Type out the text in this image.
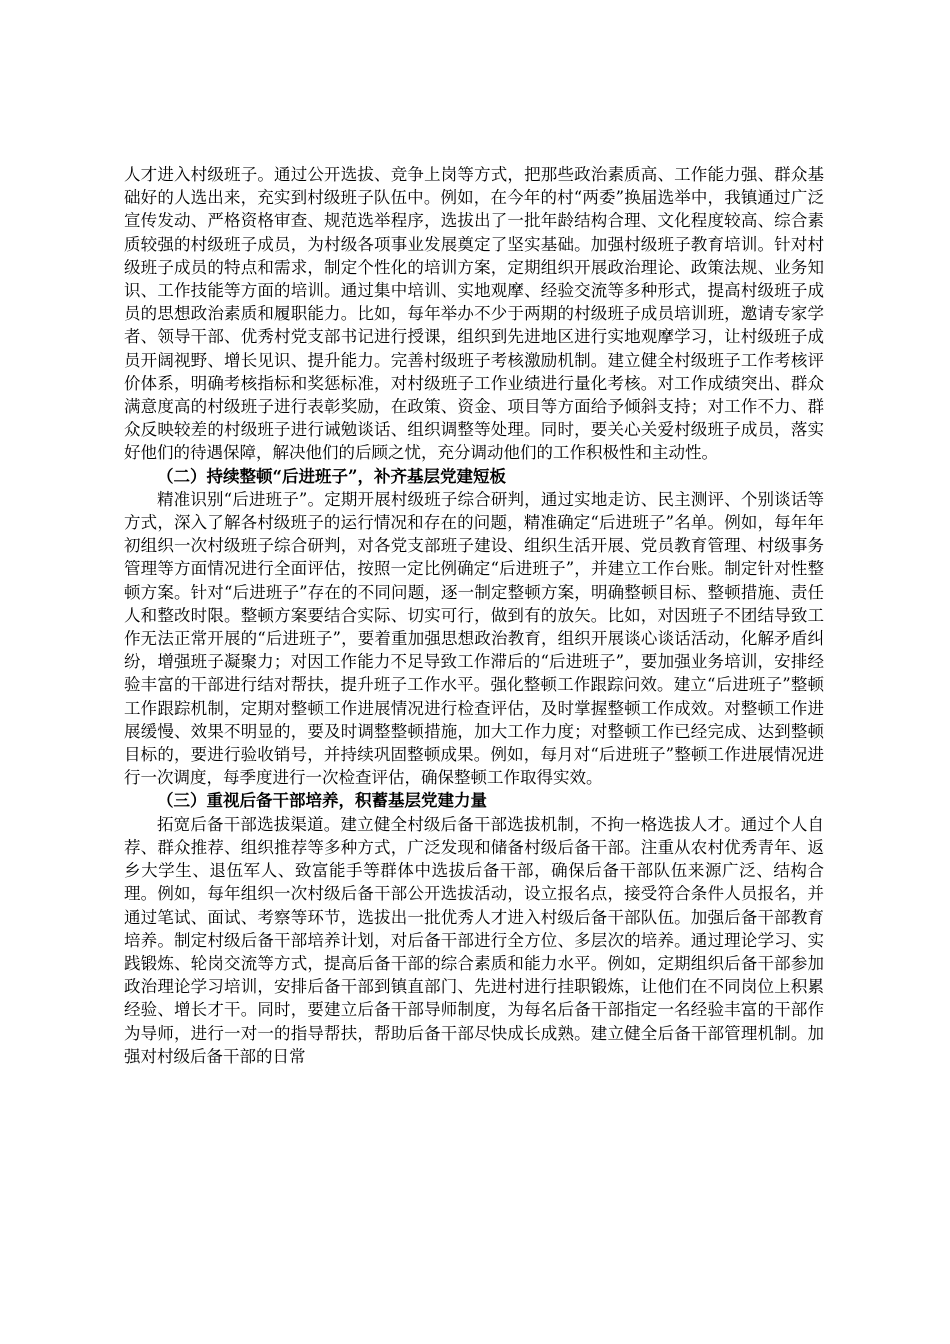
人才进入村级班子。通过公开选拔、竞争上岗等方式，把那些政治素质高、工作能力强、群众基础好的人选出来，充实到村级班子队伍中。例如，在今年的村“两委”换届选举中，我镇通过广泛宣传发动、严格资格审查、规范选举程序，选拔出了一批年龄结构合理、文化程度较高、综合素质较强的村级班子成员，为村级各项事业发展奠定了坚实基础。加强村级班子教育培训。针对村级班子成员的特点和需求，制定个性化的培训方案，定期组织开展政治理论、政策法规、业务知识、工作技能等方面的培训。通过集中培训、实地观摩、经验交流等多种形式，提高村级班子成员的思想政治素质和履职能力。比如，每年举办不少于两期的村级班子成员培训班，邀请专家学者、领导干部、优秀村党支部书记进行授课，组织到先进地区进行实地观摩学习，让村级班子成员开阔视野、增长见识、提升能力。完善村级班子考核激励机制。建立健全村级班子工作考核评价体系，明确考核指标和奖惩标准，对村级班子工作业绩进行量化考核。对工作成绩突出、群众满意度高的村级班子进行表彰奖励，在政策、资金、项目等方面给予倾斜支持；对工作不力、群众反映较差的村级班子进行诫勉谈话、组织调整等处理。同时，要关心关爱村级班子成员，落实好他们的待遇保障，解决他们的后顾之忧，充分调动他们的工作积极性和主动性。

（二）持续整顿“后进班子”，补齐基层党建短板

精准识别“后进班子”。定期开展村级班子综合研判，通过实地走访、民主测评、个别谈话等方式，深入了解各村级班子的运行情况和存在的问题，精准确定“后进班子”名单。例如，每年年初组织一次村级班子综合研判，对各党支部班子建设、组织生活开展、党员教育管理、村级事务管理等方面情况进行全面评估，按照一定比例确定“后进班子”，并建立工作台账。制定针对性整顿方案。针对“后进班子”存在的不同问题，逐一制定整顿方案，明确整顿目标、整顿措施、责任人和整改时限。整顿方案要结合实际、切实可行，做到有的放矢。比如，对因班子不团结导致工作无法正常开展的“后进班子”，要着重加强思想政治教育，组织开展谈心谈话活动，化解矛盾纠纷，增强班子凝聚力；对因工作能力不足导致工作滞后的“后进班子”，要加强业务培训，安排经验丰富的干部进行结对帮扶，提升班子工作水平。强化整顿工作跟踪问效。建立“后进班子”整顿工作跟踪机制，定期对整顿工作进展情况进行检查评估，及时掌握整顿工作成效。对整顿工作进展缓慢、效果不明显的，要及时调整整顿措施，加大工作力度；对整顿工作已经完成、达到整顿目标的，要进行验收销号，并持续巩固整顿成果。例如，每月对“后进班子”整顿工作进展情况进行一次调度，每季度进行一次检查评估，确保整顿工作取得实效。

（三）重视后备干部培养，积蓄基层党建力量

拓宽后备干部选拔渠道。建立健全村级后备干部选拔机制，不拘一格选拔人才。通过个人自荐、群众推荐、组织推荐等多种方式，广泛发现和储备村级后备干部。注重从农村优秀青年、返乡大学生、退伍军人、致富能手等群体中选拔后备干部，确保后备干部队伍来源广泛、结构合理。例如，每年组织一次村级后备干部公开选拔活动，设立报名点，接受符合条件人员报名，并通过笔试、面试、考察等环节，选拔出一批优秀人才进入村级后备干部队伍。加强后备干部教育培养。制定村级后备干部培养计划，对后备干部进行全方位、多层次的培养。通过理论学习、实践锻炼、轮岗交流等方式，提高后备干部的综合素质和能力水平。例如，定期组织后备干部参加政治理论学习培训，安排后备干部到镇直部门、先进村进行挂职锻炼，让他们在不同岗位上积累经验、增长才干。同时，要建立后备干部导师制度，为每名后备干部指定一名经验丰富的干部作为导师，进行一对一的指导帮扶，帮助后备干部尽快成长成熟。建立健全后备干部管理机制。加强对村级后备干部的日常
